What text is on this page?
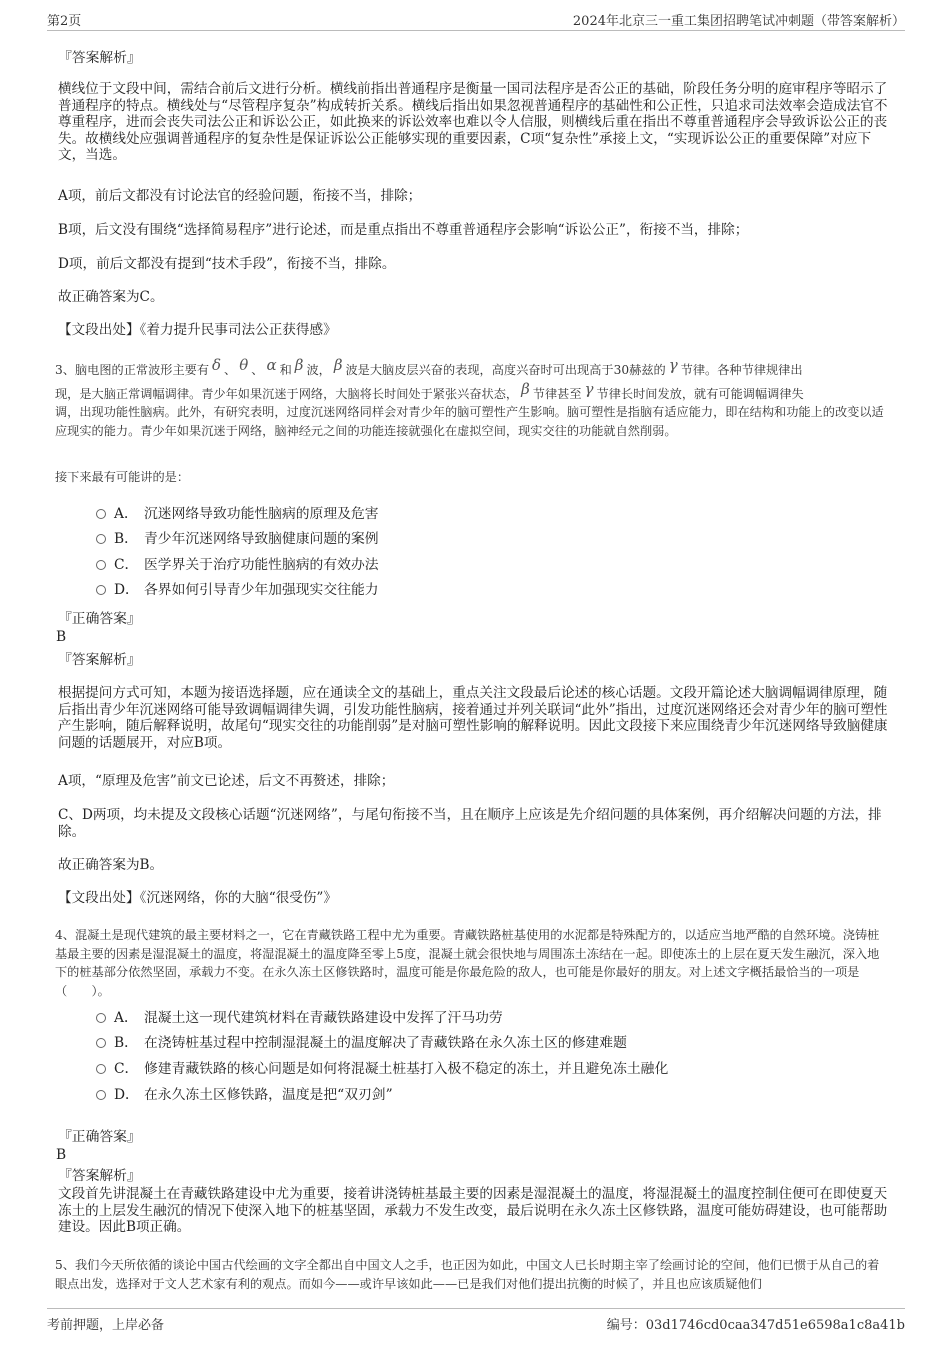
第2页	2024年北京三一重工集团招聘笔试冲刺题（带答案解析）

『答案解析』

横线位于文段中间，需结合前后文进行分析。横线前指出普通程序是衡量一国司法程序是否公正的基础，阶段任务分明的庭审程序等昭示了普通程序的特点。横线处与“尽管程序复杂”构成转折关系。横线后指出如果忽视普通程序的基础性和公正性，只追求司法效率会造成法官不尊重程序，进而会丧失司法公正和诉讼公正，如此换来的诉讼效率也难以令人信服，则横线后重在指出不尊重普通程序会导致诉讼公正的丧失。故横线处应强调普通程序的复杂性是保证诉讼公正能够实现的重要因素，C项“复杂性”承接上文，“实现诉讼公正的重要保障”对应下文，当选。

A项，前后文都没有讨论法官的经验问题，衔接不当，排除；

B项，后文没有围绕“选择简易程序”进行论述，而是重点指出不尊重普通程序会影响“诉讼公正”，衔接不当，排除；

D项，前后文都没有提到“技术手段”，衔接不当，排除。

故正确答案为C。

【文段出处】《着力提升民事司法公正获得感》

3、脑电图的正常波形主要有 δ 、 θ 、 α 和 β 波， β 波是大脑皮层兴奋的表现，高度兴奋时可出现高于30赫兹的 γ 节律。各种节律规律出

现，是大脑正常调幅调律。青少年如果沉迷于网络，大脑将长时间处于紧张兴奋状态， β 节律甚至 γ 节律长时间发放，就有可能调幅调律失

调，出现功能性脑病。此外，有研究表明，过度沉迷网络同样会对青少年的脑可塑性产生影响。脑可塑性是指脑有适应能力，即在结构和功能上的改变以适应现实的能力。青少年如果沉迷于网络，脑神经元之间的功能连接就强化在虚拟空间，现实交往的功能就自然削弱。

接下来最有可能讲的是：

A． 沉迷网络导致功能性脑病的原理及危害
B． 青少年沉迷网络导致脑健康问题的案例
C． 医学界关于治疗功能性脑病的有效办法
D． 各界如何引导青少年加强现实交往能力

『正确答案』

B

『答案解析』

根据提问方式可知，本题为接语选择题，应在通读全文的基础上，重点关注文段最后论述的核心话题。文段开篇论述大脑调幅调律原理，随后指出青少年沉迷网络可能导致调幅调律失调，引发功能性脑病，接着通过并列关联词“此外”指出，过度沉迷网络还会对青少年的脑可塑性产生影响，随后解释说明，故尾句“现实交往的功能削弱”是对脑可塑性影响的解释说明。因此文段接下来应围绕青少年沉迷网络导致脑健康问题的话题展开，对应B项。

A项，“原理及危害”前文已论述，后文不再赘述，排除；

C、D两项，均未提及文段核心话题“沉迷网络”，与尾句衔接不当，且在顺序上应该是先介绍问题的具体案例，再介绍解决问题的方法，排除。

故正确答案为B。

【文段出处】《沉迷网络，你的大脑“很受伤”》

4、混凝土是现代建筑的最主要材料之一，它在青藏铁路工程中尤为重要。青藏铁路桩基使用的水泥都是特殊配方的，以适应当地严酷的自然环境。浇铸桩基最主要的因素是湿混凝土的温度，将湿混凝土的温度降至零上5度，混凝土就会很快地与周围冻土冻结在一起。即使冻土的上层在夏天发生融沉，深入地下的桩基部分依然坚固，承载力不变。在永久冻土区修铁路时，温度可能是你最危险的敌人，也可能是你最好的朋友。对上述文字概括最恰当的一项是（　　）。

A． 混凝土这一现代建筑材料在青藏铁路建设中发挥了汗马功劳
B． 在浇铸桩基过程中控制湿混凝土的温度解决了青藏铁路在永久冻土区的修建难题
C． 修建青藏铁路的核心问题是如何将混凝土桩基打入极不稳定的冻土，并且避免冻土融化
D． 在永久冻土区修铁路，温度是把“双刃剑”

『正确答案』

B

『答案解析』

文段首先讲混凝土在青藏铁路建设中尤为重要，接着讲浇铸桩基最主要的因素是湿混凝土的温度，将湿混凝土的温度控制住便可在即使夏天冻土的上层发生融沉的情况下使深入地下的桩基坚固，承载力不发生改变，最后说明在永久冻土区修铁路，温度可能妨碍建设，也可能帮助建设。因此B项正确。

5、我们今天所依循的谈论中国古代绘画的文字全都出自中国文人之手，也正因为如此，中国文人已长时期主宰了绘画讨论的空间，他们已惯于从自己的着眼点出发，选择对于文人艺术家有利的观点。而如今——或许早该如此——已是我们对他们提出抗衡的时候了，并且也应该质疑他们

考前押题，上岸必备	编号：03d1746cd0caa347d51e6598a1c8a41b
